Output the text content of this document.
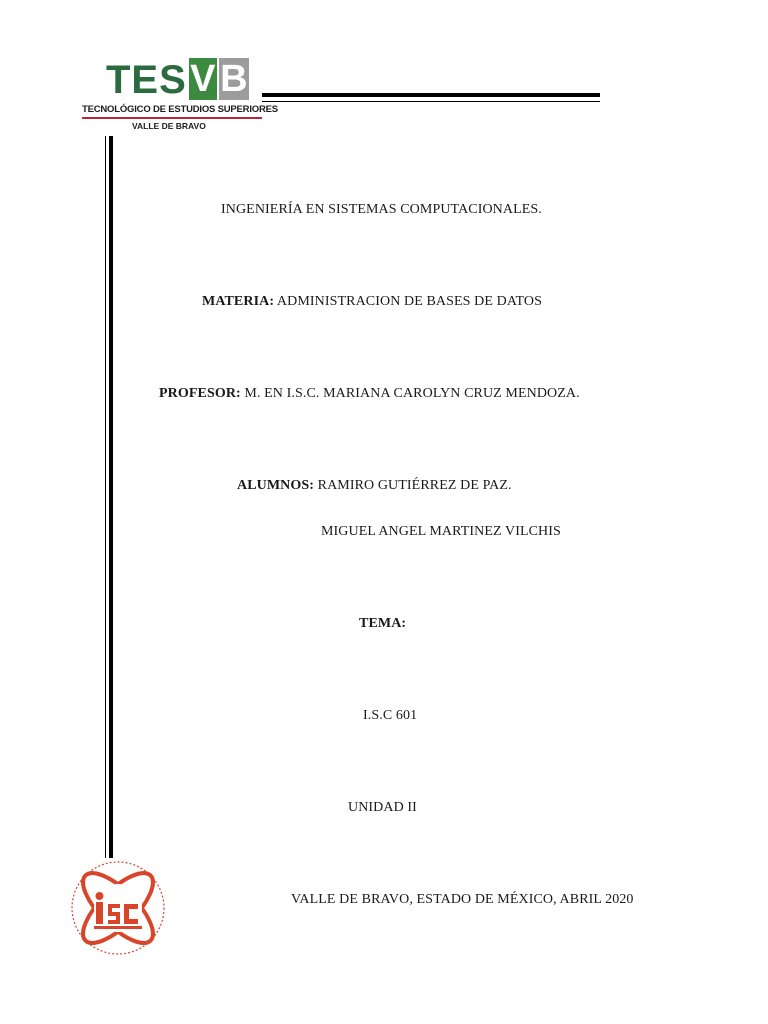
TES V B
TECNOLÓGICO DE ESTUDIOS SUPERIORES
VALLE DE BRAVO
INGENIERÍA EN SISTEMAS COMPUTACIONALES.
MATERIA: ADMINISTRACION DE BASES DE DATOS
PROFESOR: M. EN I.S.C. MARIANA CAROLYN CRUZ MENDOZA.
ALUMNOS: RAMIRO GUTIÉRREZ DE PAZ.
MIGUEL ANGEL MARTINEZ VILCHIS
TEMA:
I.S.C 601
UNIDAD II
VALLE DE BRAVO, ESTADO DE MÉXICO, ABRIL 2020
